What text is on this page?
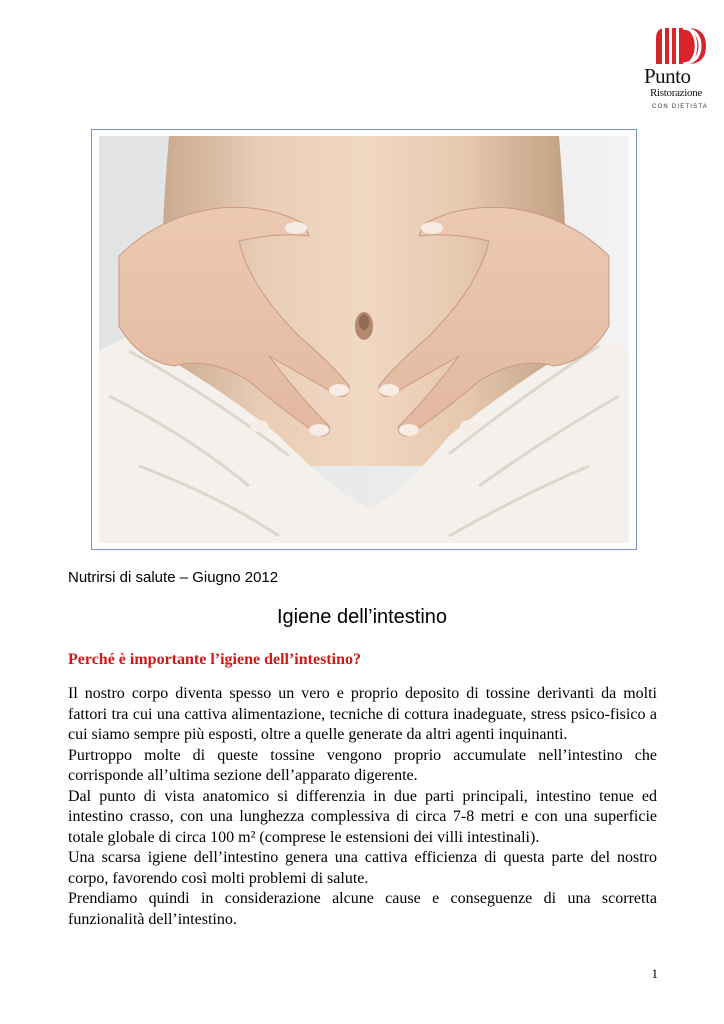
Punto
Ristorazione
CON DIETISTA
Nutrirsi di salute – Giugno 2012
Igiene dell’intestino
Perché è importante l’igiene dell’intestino?

Il nostro corpo diventa spesso un vero e proprio deposito di tossine derivanti da molti fattori tra cui una cattiva alimentazione, tecniche di cottura inadeguate, stress psico-fisico a cui siamo sempre più esposti, oltre a quelle generate da altri agenti inquinanti.

Purtroppo molte di queste tossine vengono proprio accumulate nell’intestino che corrisponde all’ultima sezione dell’apparato digerente.

Dal punto di vista anatomico si differenzia in due parti principali, intestino tenue ed intestino crasso, con una lunghezza complessiva di circa 7-8 metri e con una superficie totale globale di circa 100 m² (comprese le estensioni dei villi intestinali).

Una scarsa igiene dell’intestino genera una cattiva efficienza di questa parte del nostro corpo, favorendo così molti problemi di salute.

Prendiamo quindi in considerazione alcune cause e conseguenze di una scorretta funzionalità dell’intestino.

1
